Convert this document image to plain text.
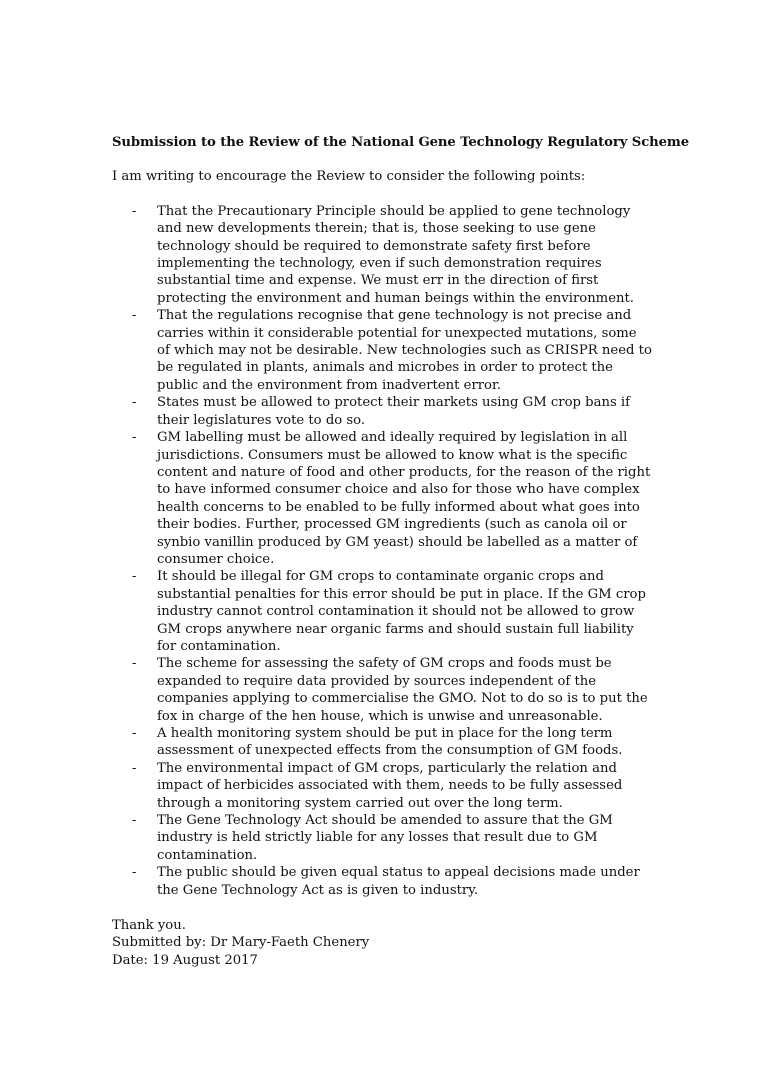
Submission to the Review of the National Gene Technology Regulatory Scheme
I am writing to encourage the Review to consider the following points:
- That the Precautionary Principle should be applied to gene technology and new developments therein; that is, those seeking to use gene technology should be required to demonstrate safety first before implementing the technology, even if such demonstration requires substantial time and expense. We must err in the direction of first protecting the environment and human beings within the environment.
- That the regulations recognise that gene technology is not precise and carries within it considerable potential for unexpected mutations, some of which may not be desirable. New technologies such as CRISPR need to be regulated in plants, animals and microbes in order to protect the public and the environment from inadvertent error.
- States must be allowed to protect their markets using GM crop bans if their legislatures vote to do so.
- GM labelling must be allowed and ideally required by legislation in all jurisdictions. Consumers must be allowed to know what is the specific content and nature of food and other products, for the reason of the right to have informed consumer choice and also for those who have complex health concerns to be enabled to be fully informed about what goes into their bodies. Further, processed GM ingredients (such as canola oil or synbio vanillin produced by GM yeast) should be labelled as a matter of consumer choice.
- It should be illegal for GM crops to contaminate organic crops and substantial penalties for this error should be put in place. If the GM crop industry cannot control contamination it should not be allowed to grow GM crops anywhere near organic farms and should sustain full liability for contamination.
- The scheme for assessing the safety of GM crops and foods must be expanded to require data provided by sources independent of the companies applying to commercialise the GMO. Not to do so is to put the fox in charge of the hen house, which is unwise and unreasonable.
- A health monitoring system should be put in place for the long term assessment of unexpected effects from the consumption of GM foods.
- The environmental impact of GM crops, particularly the relation and impact of herbicides associated with them, needs to be fully assessed through a monitoring system carried out over the long term.
- The Gene Technology Act should be amended to assure that the GM industry is held strictly liable for any losses that result due to GM contamination.
- The public should be given equal status to appeal decisions made under the Gene Technology Act as is given to industry.
Thank you.
Submitted by: Dr Mary-Faeth Chenery
Date: 19 August 2017
